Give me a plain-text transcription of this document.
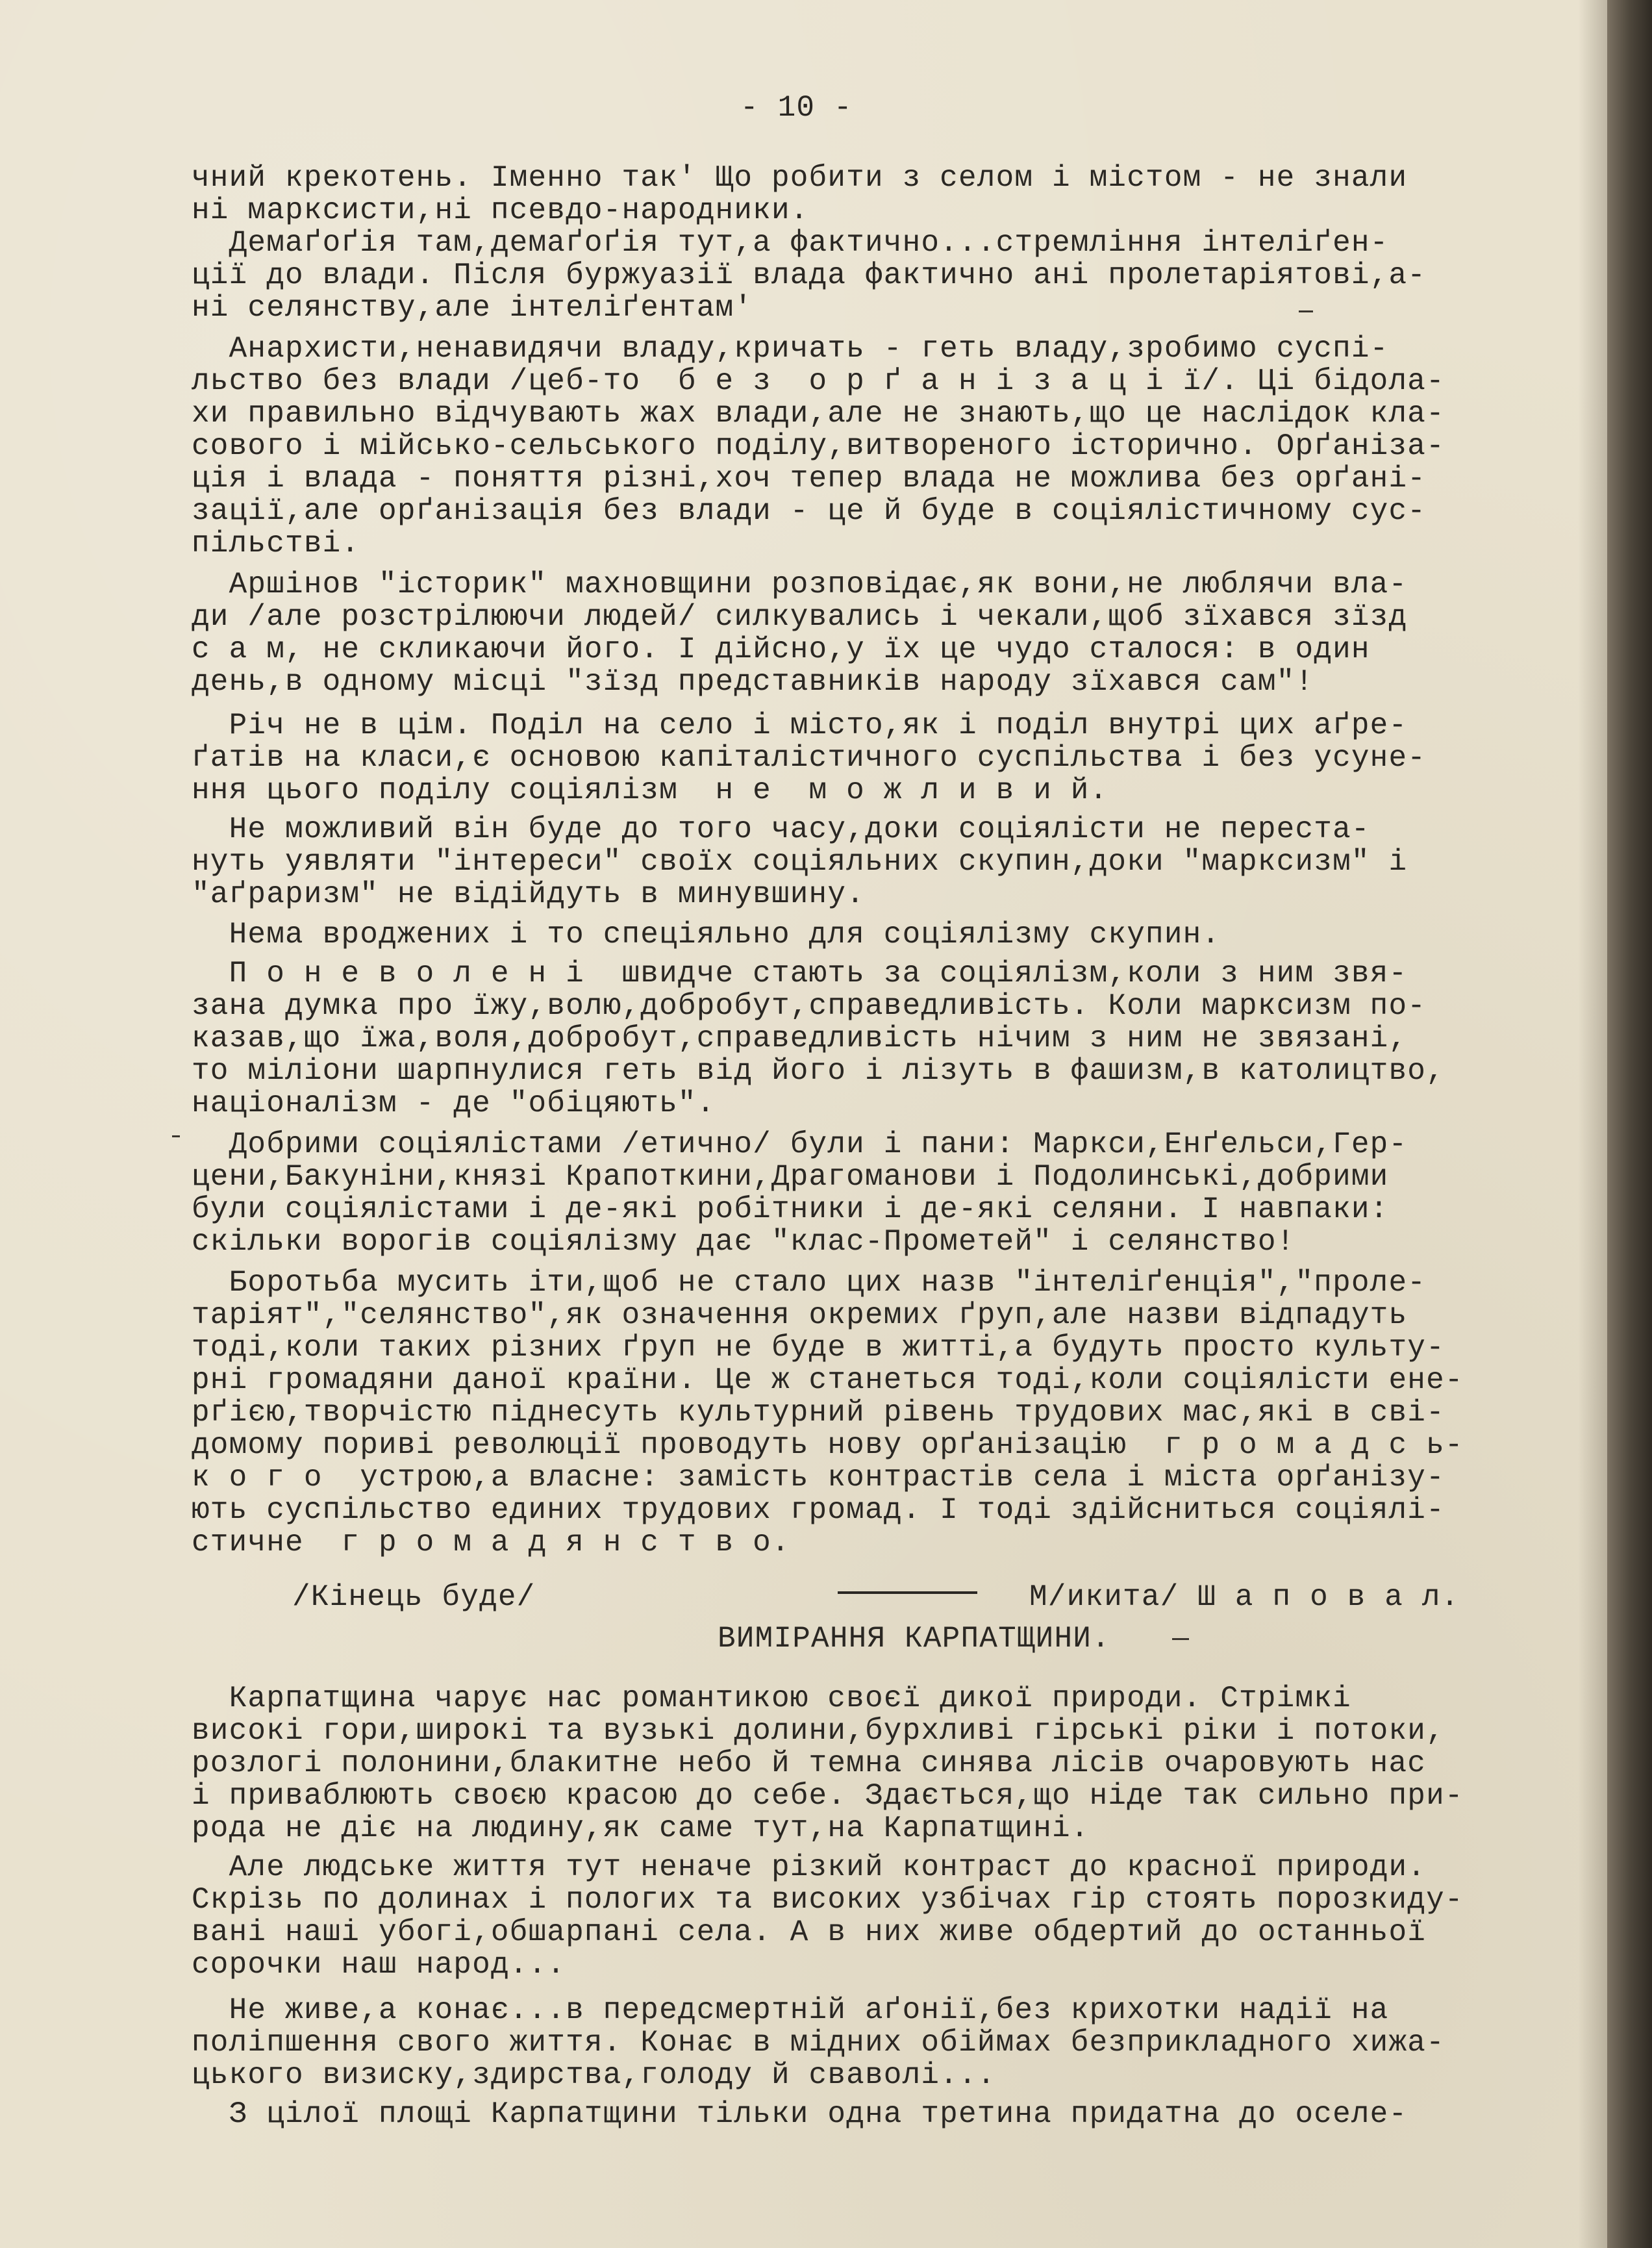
- 10 -
чний крекотень. Іменно так' Що робити з селом і містом - не знали
ні марксисти,ні псевдо-народники.
Демаґоґія там,демаґоґія тут,а фактично...стремління інтеліґен-
ції до влади. Після буржуазії влада фактично ані пролетаріятові,а-
ні селянству,але інтеліґентам'
Анархисти,ненавидячи владу,кричать - геть владу,зробимо суспі-
льство без влади /цеб-то  б е з  о р ґ а н і з а ц і ї/. Ці бідола-
хи правильно відчувають жах влади,але не знають,що це наслідок кла-
сового і мійсько-сельського поділу,витвореного історично. Орґаніза-
ція і влада - поняття різні,хоч тепер влада не можлива без орґані-
зації,але орґанізація без влади - це й буде в соціялістичному сус-
пільстві.
Аршінов "історик" махновщини розповідає,як вони,не люблячи вла-
ди /але розстрілюючи людей/ силкувались і чекали,щоб зїхався зїзд
с а м, не скликаючи його. І дійсно,у їх це чудо сталося: в один
день,в одному місці "зїзд представників народу зїхався сам"!
Річ не в цім. Поділ на село і місто,як і поділ внутрі цих аґре-
ґатів на класи,є основою капіталістичного суспільства і без усуне-
ння цього поділу соціялізм  н е  м о ж л и в и й.
Не можливий він буде до того часу,доки соціялісти не переста-
нуть уявляти "інтереси" своїх соціяльних скупин,доки "марксизм" і
"аґраризм" не відійдуть в минувшину.
Нема вроджених і то спеціяльно для соціялізму скупин.
П о н е в о л е н і  швидче стають за соціялізм,коли з ним звя-
зана думка про їжу,волю,добробут,справедливість. Коли марксизм по-
казав,що їжа,воля,добробут,справедливість нічим з ним не звязані,
то міліони шарпнулися геть від його і лізуть в фашизм,в католицтво,
націоналізм - де "обіцяють".
Добрими соціялістами /етично/ були і пани: Маркси,Енґельси,Гер-
цени,Бакуніни,князі Крапоткини,Драгоманови і Подолинські,добрими
були соціялістами і де-які робітники і де-які селяни. І навпаки:
скільки ворогів соціялізму дає "клас-Прометей" і селянство!
Боротьба мусить іти,щоб не стало цих назв "інтеліґенція","проле-
таріят","селянство",як означення окремих ґруп,але назви відпадуть
тоді,коли таких різних ґруп не буде в житті,а будуть просто культу-
рні громадяни даної країни. Це ж станеться тоді,коли соціялісти ене-
рґією,творчістю піднесуть культурний рівень трудових мас,які в сві-
домому пориві революції проводуть нову орґанізацію  г р о м а д с ь-
к о г о  устрою,а власне: замість контрастів села і міста орґанізу-
ють суспільство единих трудових громад. І тоді здійсниться соціялі-
стичне  г р о м а д я н с т в о.
/Кінець буде/	М/икита/ Ш а п о в а л.
ВИМІРАННЯ КАРПАТЩИНИ.
Карпатщина чарує нас романтикою своєї дикої природи. Стрімкі
високі гори,широкі та вузькі долини,бурхливі гірські ріки і потоки,
розлогі полонини,блакитне небо й темна синява лісів очаровують нас
і приваблюють своєю красою до себе. Здається,що ніде так сильно при-
рода не діє на людину,як саме тут,на Карпатщині.
Але людське життя тут неначе різкий контраст до красної природи.
Скрізь по долинах і пологих та високих узбічах гір стоять порозкиду-
вані наші убогі,обшарпані села. А в них живе обдертий до останньої
сорочки наш народ...
Не живе,а конає...в передсмертній аґонії,без крихотки надії на
поліпшення свого життя. Конає в мідних обіймах безприкладного хижа-
цького визиску,здирства,голоду й сваволі...
З цілої площі Карпатщини тільки одна третина придатна до оселе-
